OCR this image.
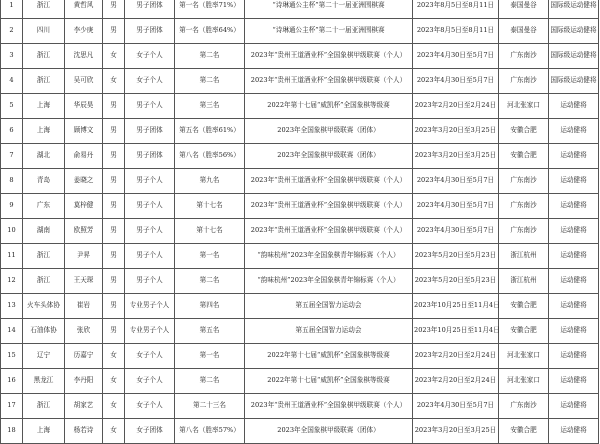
1	浙江	黄哲风	男	男子团体	第一名（胜率71%）	“诗琳通公主杯”第二十一届亚洲围棋赛	2023年8月5日至8月11日	泰国曼谷	国际级运动健将
2	四川	李少庚	男	男子团体	第一名（胜率64%）	“诗琳通公主杯”第二十一届亚洲围棋赛	2023年8月5日至8月11日	泰国曼谷	国际级运动健将
3	浙江	沈思凡	女	女子个人	第二名	2023年“贵州王道酒业杯”全国象棋甲级联赛（个人）	2023年4月30日至5月7日	广东南沙	国际级运动健将
4	浙江	吴可欣	女	女子个人	第二名	2023年“贵州王道酒业杯”全国象棋甲级联赛（个人）	2023年4月30日至5月7日	广东南沙	国际级运动健将
5	上海	华辰昊	男	男子个人	第三名	2022年第十七届“威凯杯”全国象棋等级赛	2023年2月20日至2月24日	河北张家口	运动健将
6	上海	顾博文	男	男子团体	第五名（胜率61%）	2023年全国象棋甲级联赛（团体）	2023年3月20日至3月25日	安徽合肥	运动健将
7	湖北	俞易丹	男	男子团体	第八名（胜率56%）	2023年全国象棋甲级联赛（团体）	2023年3月20日至3月25日	安徽合肥	运动健将
8	青岛	姜晓之	男	男子个人	第九名	2023年“贵州王道酒业杯”全国象棋甲级联赛（个人）	2023年4月30日至5月7日	广东南沙	运动健将
9	广东	莫梓健	男	男子个人	第十七名	2023年“贵州王道酒业杯”全国象棋甲级联赛（个人）	2023年4月30日至5月7日	广东南沙	运动健将
10	湖南	欧照芳	男	男子个人	第十七名	2023年“贵州王道酒业杯”全国象棋甲级联赛（个人）	2023年4月30日至5月7日	广东南沙	运动健将
11	浙江	尹昇	男	男子个人	第一名	“韵味杭州”2023年全国象棋青年锦标赛（个人）	2023年5月20日至5月23日	浙江杭州	运动健将
12	浙江	王天琛	男	男子个人	第二名	“韵味杭州”2023年全国象棋青年锦标赛（个人）	2023年5月20日至5月23日	浙江杭州	运动健将
13	火车头体协	崔岩	男	专业男子个人	第四名	第五届全国智力运动会	2023年10月25日至11月4日	安徽合肥	运动健将
14	石油体协	张欣	男	专业男子个人	第五名	第五届全国智力运动会	2023年10月25日至11月4日	安徽合肥	运动健将
15	辽宁	历嘉宁	女	女子个人	第一名	2022年第十七届“威凯杯”全国象棋等级赛	2023年2月20日至2月24日	河北张家口	运动健将
16	黑龙江	李丹阳	女	女子个人	第二名	2022年第十七届“威凯杯”全国象棋等级赛	2023年2月20日至2月24日	河北张家口	运动健将
17	浙江	胡家艺	女	女子个人	第二十三名	2023年“贵州王道酒业杯”全国象棋甲级联赛（个人）	2023年4月30日至5月7日	广东南沙	运动健将
18	上海	杨若诗	女	女子团体	第八名（胜率57%）	2023年全国象棋甲级联赛（团体）	2023年3月20日至3月25日	安徽合肥	运动健将
